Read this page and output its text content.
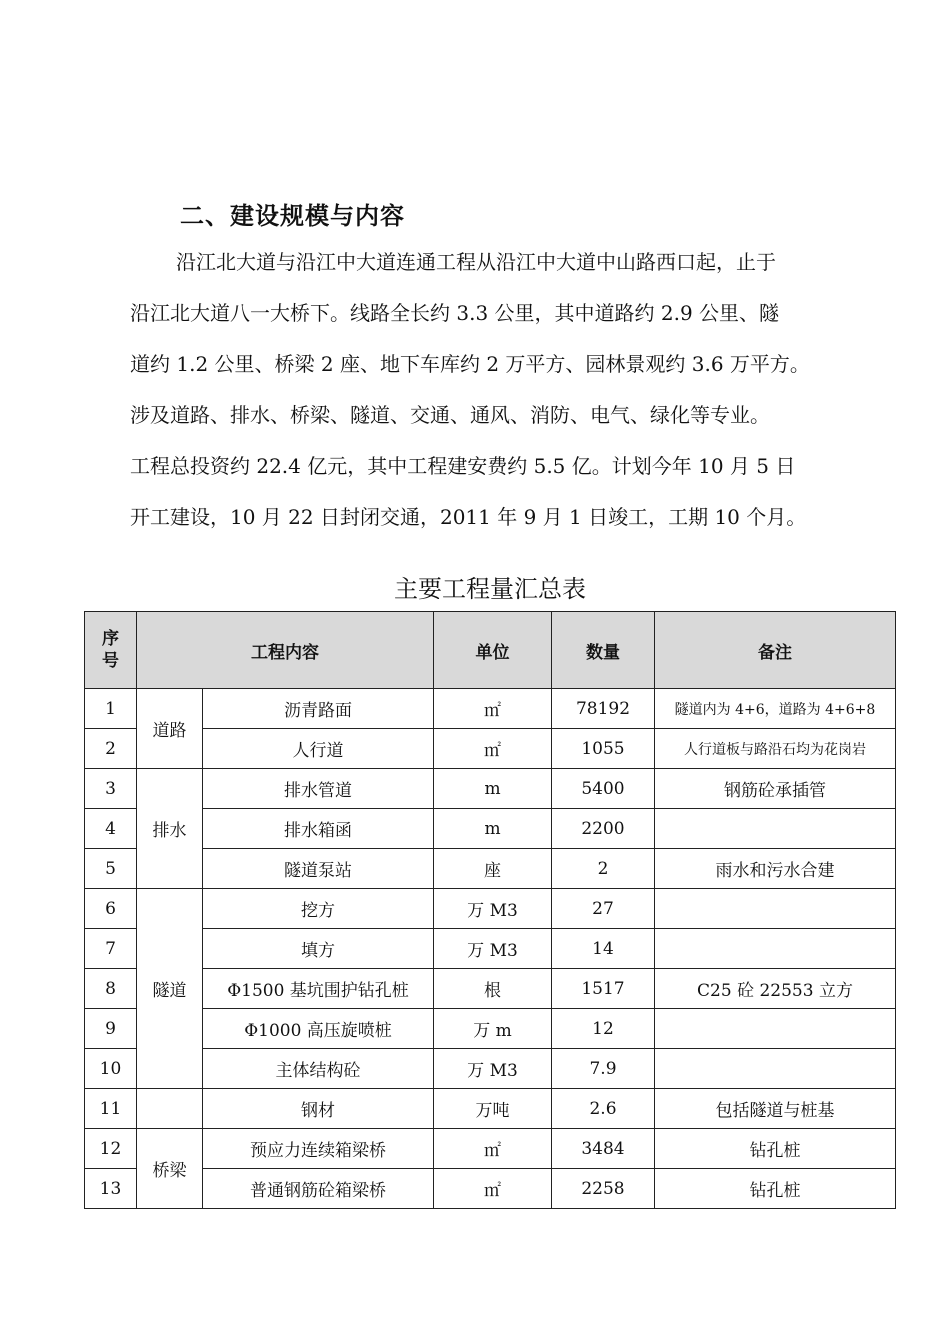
二、建设规模与内容
沿江北大道与沿江中大道连通工程从沿江中大道中山路西口起，止于
沿江北大道八一大桥下。线路全长约 3.3 公里，其中道路约 2.9 公里、隧
道约 1.2 公里、桥梁 2 座、地下车库约 2 万平方、园林景观约 3.6 万平方。
涉及道路、排水、桥梁、隧道、交通、通风、消防、电气、绿化等专业。
工程总投资约 22.4 亿元，其中工程建安费约 5.5 亿。计划今年 10 月 5 日
开工建设，10 月 22 日封闭交通，2011 年 9 月 1 日竣工，工期 10 个月。
主要工程量汇总表
序
号	工程内容		单位	数量	备注
1	道路	沥青路面	㎡	78192	隧道内为 4+6，道路为 4+6+8
2		人行道	㎡	1055	人行道板与路沿石均为花岗岩
3	排水	排水管道	m	5400	钢筋砼承插管
4		排水箱函	m	2200	
5		隧道泵站	座	2	雨水和污水合建
6	隧道	挖方	万 M3	27	
7		填方	万 M3	14	
8		Φ1500 基坑围护钻孔桩	根	1517	C25 砼 22553 立方
9		Φ1000 高压旋喷桩	万 m	12	
10		主体结构砼	万 M3	7.9	
11		钢材	万吨	2.6	包括隧道与桩基
12	桥梁	预应力连续箱梁桥	㎡	3484	钻孔桩
13		普通钢筋砼箱梁桥	㎡	2258	钻孔桩
